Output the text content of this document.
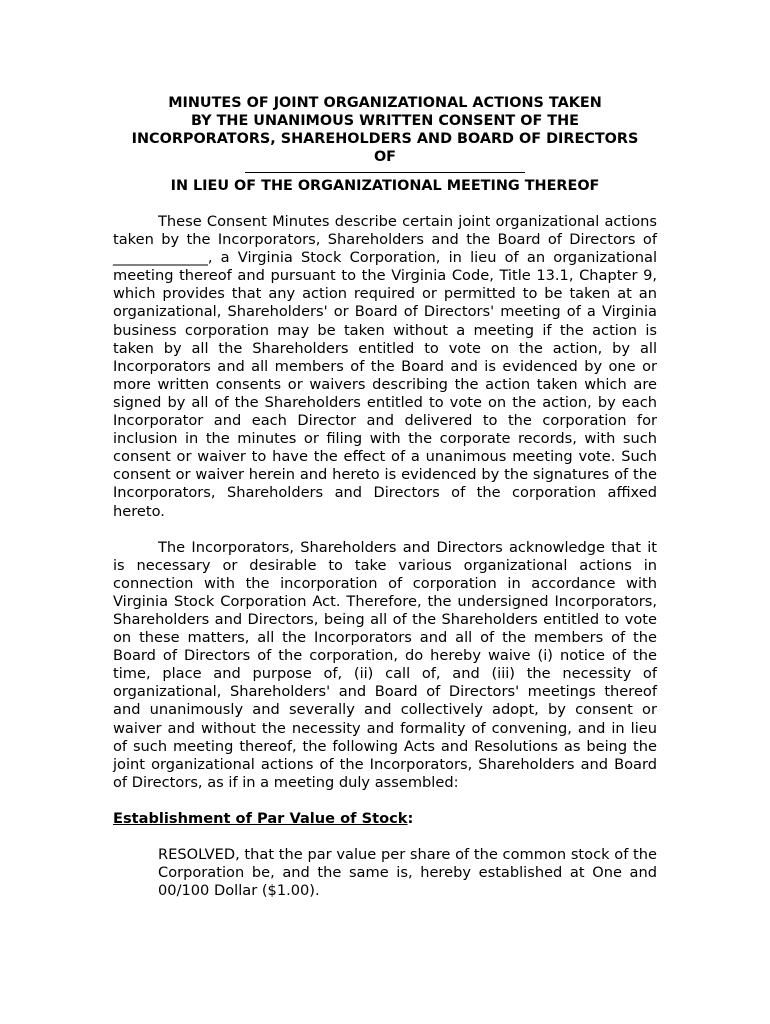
MINUTES OF JOINT ORGANIZATIONAL ACTIONS TAKEN
BY THE UNANIMOUS WRITTEN CONSENT OF THE
INCORPORATORS, SHAREHOLDERS AND BOARD OF DIRECTORS
OF
IN LIEU OF THE ORGANIZATIONAL MEETING THEREOF

These Consent Minutes describe certain joint organizational actions taken by the Incorporators, Shareholders and the Board of Directors of _____________, a Virginia Stock Corporation, in lieu of an organizational meeting thereof and pursuant to the Virginia Code, Title 13.1, Chapter 9, which provides that any action required or permitted to be taken at an organizational, Shareholders' or Board of Directors' meeting of a Virginia business corporation may be taken without a meeting if the action is taken by all the Shareholders entitled to vote on the action, by all Incorporators and all members of the Board and is evidenced by one or more written consents or waivers describing the action taken which are signed by all of the Shareholders entitled to vote on the action, by each Incorporator and each Director and delivered to the corporation for inclusion in the minutes or filing with the corporate records, with such consent or waiver to have the effect of a unanimous meeting vote. Such consent or waiver herein and hereto is evidenced by the signatures of the Incorporators, Shareholders and Directors of the corporation affixed hereto.

The Incorporators, Shareholders and Directors acknowledge that it is necessary or desirable to take various organizational actions in connection with the incorporation of corporation in accordance with Virginia Stock Corporation Act. Therefore, the undersigned Incorporators, Shareholders and Directors, being all of the Shareholders entitled to vote on these matters, all the Incorporators and all of the members of the Board of Directors of the corporation, do hereby waive (i) notice of the time, place and purpose of, (ii) call of, and (iii) the necessity of organizational, Shareholders' and Board of Directors' meetings thereof and unanimously and severally and collectively adopt, by consent or waiver and without the necessity and formality of convening, and in lieu of such meeting thereof, the following Acts and Resolutions as being the joint organizational actions of the Incorporators, Shareholders and Board of Directors, as if in a meeting duly assembled:

Establishment of Par Value of Stock:
RESOLVED, that the par value per share of the common stock of the Corporation be, and the same is, hereby established at One and 00/100 Dollar ($1.00).
